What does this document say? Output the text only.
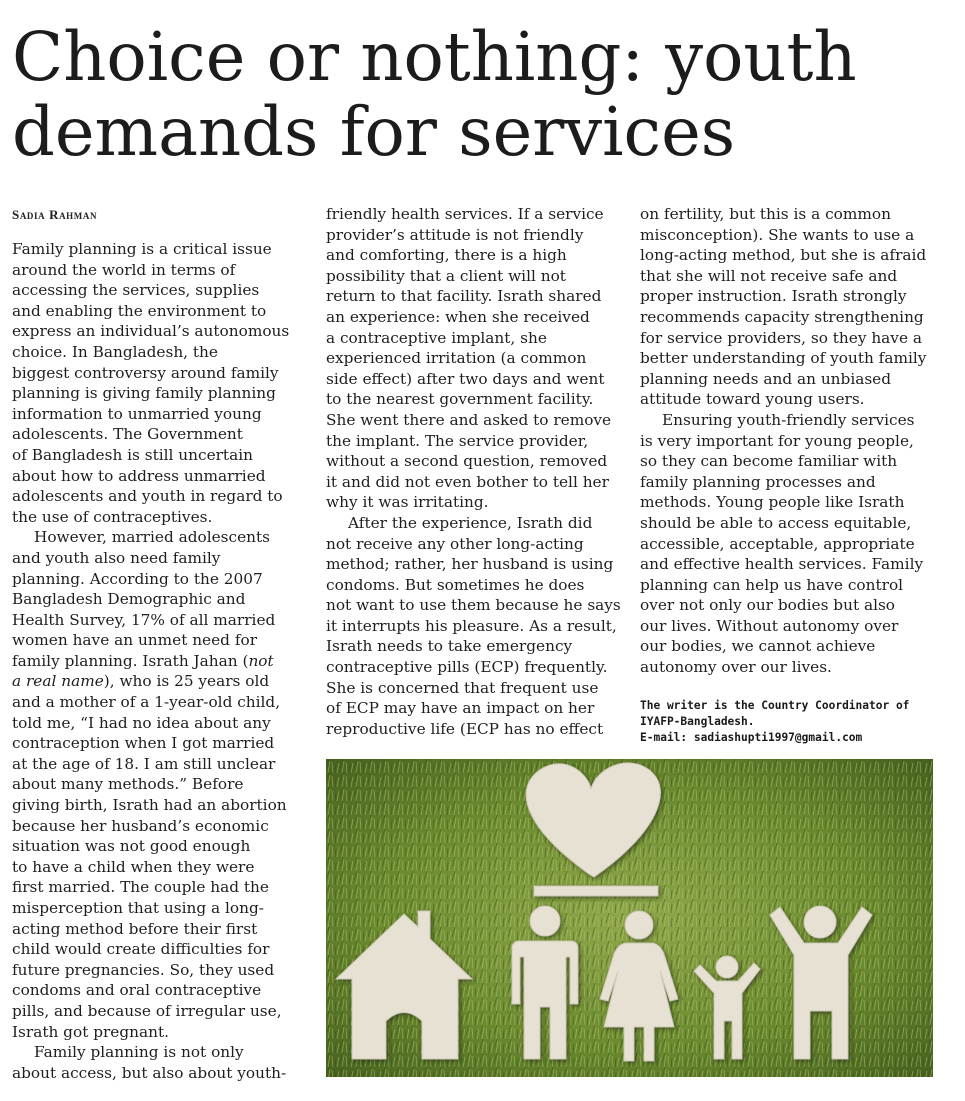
Choice or nothing: youth
demands for services
Sadia Rahman
Family planning is a critical issue
around the world in terms of
accessing the services, supplies
and enabling the environment to
express an individual’s autonomous
choice. In Bangladesh, the
biggest controversy around family
planning is giving family planning
information to unmarried young
adolescents. The Government
of Bangladesh is still uncertain
about how to address unmarried
adolescents and youth in regard to
the use of contraceptives.
However, married adolescents
and youth also need family
planning. According to the 2007
Bangladesh Demographic and
Health Survey, 17% of all married
women have an unmet need for
family planning. Israth Jahan (not
a real name), who is 25 years old
and a mother of a 1-year-old child,
told me, “I had no idea about any
contraception when I got married
at the age of 18. I am still unclear
about many methods.” Before
giving birth, Israth had an abortion
because her husband’s economic
situation was not good enough
to have a child when they were
first married. The couple had the
misperception that using a long-
acting method before their first
child would create difficulties for
future pregnancies. So, they used
condoms and oral contraceptive
pills, and because of irregular use,
Israth got pregnant.
Family planning is not only
about access, but also about youth-
friendly health services. If a service
provider’s attitude is not friendly
and comforting, there is a high
possibility that a client will not
return to that facility. Israth shared
an experience: when she received
a contraceptive implant, she
experienced irritation (a common
side effect) after two days and went
to the nearest government facility.
She went there and asked to remove
the implant. The service provider,
without a second question, removed
it and did not even bother to tell her
why it was irritating.
After the experience, Israth did
not receive any other long-acting
method; rather, her husband is using
condoms. But sometimes he does
not want to use them because he says
it interrupts his pleasure. As a result,
Israth needs to take emergency
contraceptive pills (ECP) frequently.
She is concerned that frequent use
of ECP may have an impact on her
reproductive life (ECP has no effect
on fertility, but this is a common
misconception). She wants to use a
long-acting method, but she is afraid
that she will not receive safe and
proper instruction. Israth strongly
recommends capacity strengthening
for service providers, so they have a
better understanding of youth family
planning needs and an unbiased
attitude toward young users.
Ensuring youth-friendly services
is very important for young people,
so they can become familiar with
family planning processes and
methods. Young people like Israth
should be able to access equitable,
accessible, acceptable, appropriate
and effective health services. Family
planning can help us have control
over not only our bodies but also
our lives. Without autonomy over
our bodies, we cannot achieve
autonomy over our lives.
The writer is the Country Coordinator of
IYAFP-Bangladesh.
E-mail: sadiashupti1997@gmail.com
